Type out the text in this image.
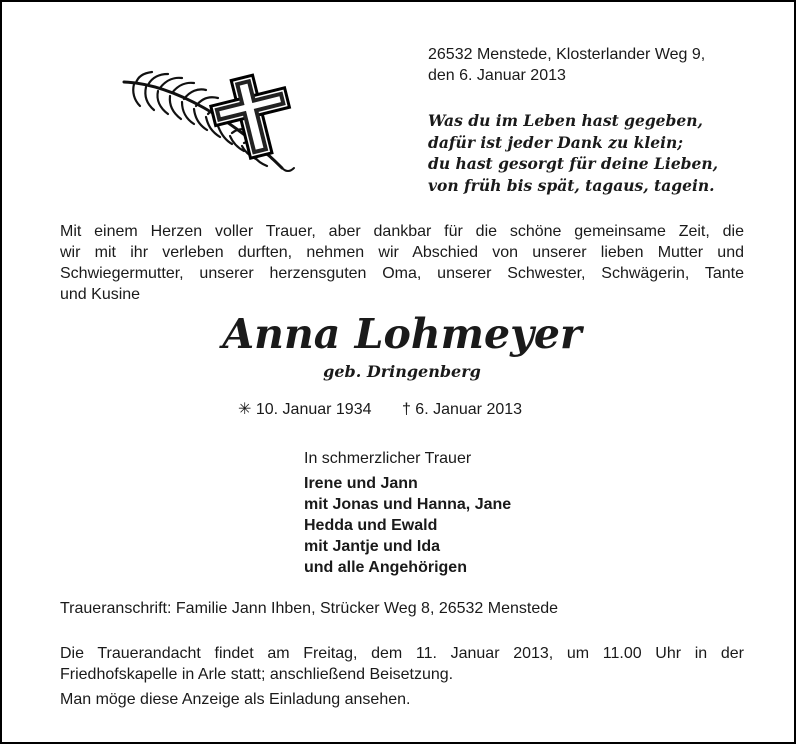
26532 Menstede, Klosterlander Weg 9,
den 6. Januar 2013
Was du im Leben hast gegeben,
dafür ist jeder Dank zu klein;
du hast gesorgt für deine Lieben,
von früh bis spät, tagaus, tagein.
Mit einem Herzen voller Trauer, aber dankbar für die schöne gemeinsame Zeit, die
wir mit ihr verleben durften, nehmen wir Abschied von unserer lieben Mutter und
Schwiegermutter, unserer herzensguten Oma, unserer Schwester, Schwägerin, Tante
und Kusine
Anna Lohmeyer
geb. Dringenberg
✳ 10. Januar 1934 † 6. Januar 2013
In schmerzlicher Trauer
Irene und Jann
mit Jonas und Hanna, Jane
Hedda und Ewald
mit Jantje und Ida
und alle Angehörigen
Traueranschrift: Familie Jann Ihben, Strücker Weg 8, 26532 Menstede
Die Trauerandacht findet am Freitag, dem 11. Januar 2013, um 11.00 Uhr in der
Friedhofskapelle in Arle statt; anschließend Beisetzung.
Man möge diese Anzeige als Einladung ansehen.
